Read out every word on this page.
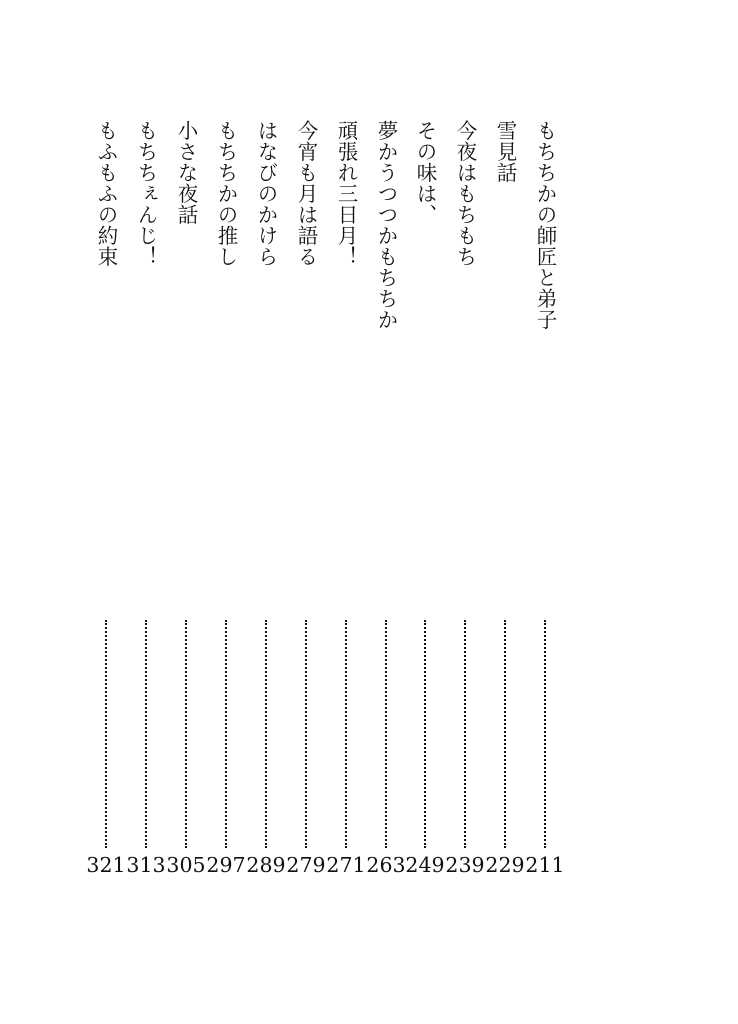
もちちかの師匠と弟子
211
雪見話
229
今夜はもちもち
239
その味は、
249
夢かうつつかもちちか
263
頑張れ三日月！
271
今宵も月は語る
279
はなびのかけら
289
もちちかの推し
297
小さな夜話
305
もちちぇんじ！
313
もふもふの約束
321
